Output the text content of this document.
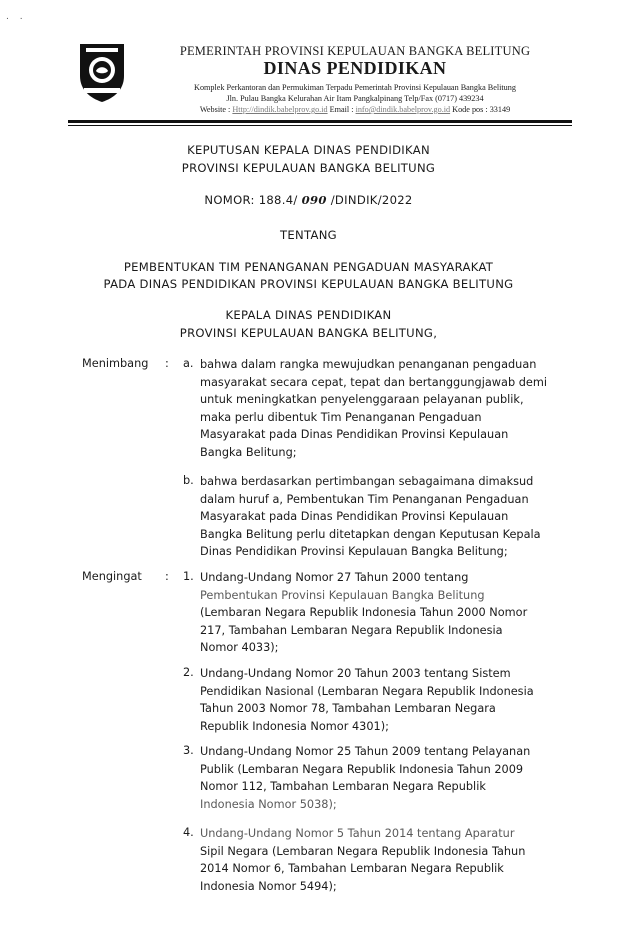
. .
PEMERINTAH PROVINSI KEPULAUAN BANGKA BELITUNG
DINAS PENDIDIKAN
Komplek Perkantoran dan Permukiman Terpadu Pemerintah Provinsi Kepulauan Bangka Belitung
Jln. Pulau Bangka Kelurahan Air Itam Pangkalpinang Telp/Fax (0717) 439234
Website : Http://dindik.babelprov.go.id Email : info@dindik.babelprov.go.id Kode pos : 33149
KEPUTUSAN KEPALA DINAS PENDIDIKAN
PROVINSI KEPULAUAN BANGKA BELITUNG
NOMOR: 188.4/ 090 /DINDIK/2022
TENTANG
PEMBENTUKAN TIM PENANGANAN PENGADUAN MASYARAKAT
PADA DINAS PENDIDIKAN PROVINSI KEPULAUAN BANGKA BELITUNG
KEPALA DINAS PENDIDIKAN
PROVINSI KEPULAUAN BANGKA BELITUNG,
Menimbang : a. bahwa dalam rangka mewujudkan penanganan pengaduan
masyarakat secara cepat, tepat dan bertanggungjawab demi
untuk meningkatkan penyelenggaraan pelayanan publik,
maka perlu dibentuk Tim Penanganan Pengaduan
Masyarakat pada Dinas Pendidikan Provinsi Kepulauan
Bangka Belitung;
b. bahwa berdasarkan pertimbangan sebagaimana dimaksud
dalam huruf a, Pembentukan Tim Penanganan Pengaduan
Masyarakat pada Dinas Pendidikan Provinsi Kepulauan
Bangka Belitung perlu ditetapkan dengan Keputusan Kepala
Dinas Pendidikan Provinsi Kepulauan Bangka Belitung;
Mengingat : 1. Undang-Undang Nomor 27 Tahun 2000 tentang
Pembentukan Provinsi Kepulauan Bangka Belitung
(Lembaran Negara Republik Indonesia Tahun 2000 Nomor
217, Tambahan Lembaran Negara Republik Indonesia
Nomor 4033);
2. Undang-Undang Nomor 20 Tahun 2003 tentang Sistem
Pendidikan Nasional (Lembaran Negara Republik Indonesia
Tahun 2003 Nomor 78, Tambahan Lembaran Negara
Republik Indonesia Nomor 4301);
3. Undang-Undang Nomor 25 Tahun 2009 tentang Pelayanan
Publik (Lembaran Negara Republik Indonesia Tahun 2009
Nomor 112, Tambahan Lembaran Negara Republik
Indonesia Nomor 5038);
4. Undang-Undang Nomor 5 Tahun 2014 tentang Aparatur
Sipil Negara (Lembaran Negara Republik Indonesia Tahun
2014 Nomor 6, Tambahan Lembaran Negara Republik
Indonesia Nomor 5494);
